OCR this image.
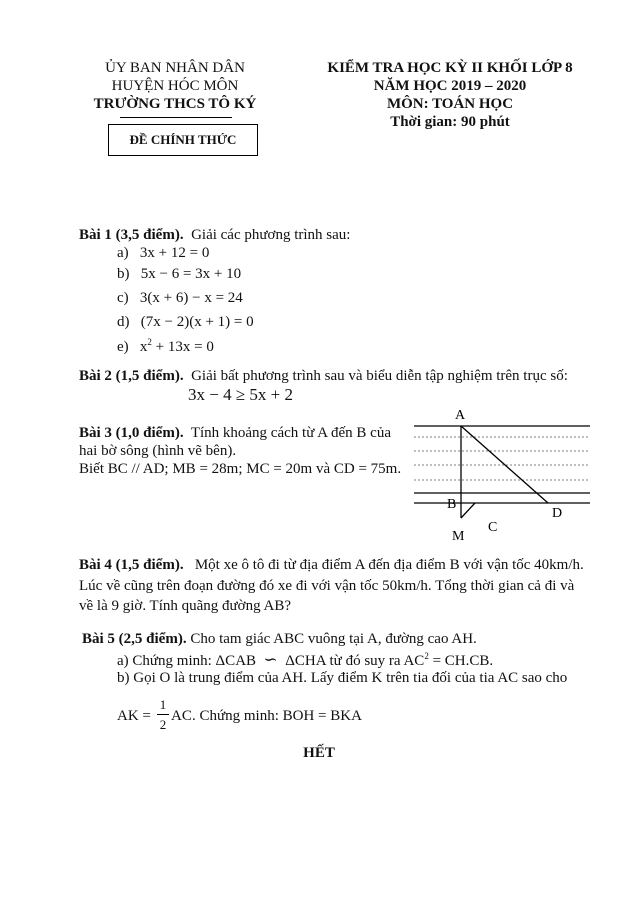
ỦY BAN NHÂN DÂN
HUYỆN HÓC MÔN
TRƯỜNG THCS TÔ KÝ
ĐỀ CHÍNH THỨC
KIỂM TRA HỌC KỲ II KHỐI LỚP 8
NĂM HỌC 2019 – 2020
MÔN: TOÁN HỌC
Thời gian: 90 phút
Bài 1 (3,5 điểm). Giải các phương trình sau:
a) 3x + 12 = 0
b) 5x − 6 = 3x + 10
c) 3(x + 6) − x = 24
d) (7x − 2)(x + 1) = 0
e) $x^2 + 13x = 0$
Bài 2 (1,5 điểm). Giải bất phương trình sau và biểu diễn tập nghiệm trên trục số:
3x − 4 ≥ 5x + 2
Bài 3 (1,0 điểm). Tính khoảng cách từ A đến B của
hai bờ sông (hình vẽ bên).
Biết BC // AD; MB = 28m; MC = 20m và CD = 75m.
A
B
C
D
M
Bài 4 (1,5 điểm). Một xe ô tô đi từ địa điểm A đến địa điểm B với vận tốc 40km/h.
Lúc về cũng trên đoạn đường đó xe đi với vận tốc 50km/h. Tổng thời gian cả đi và
về là 9 giờ. Tính quãng đường AB?
Bài 5 (2,5 điểm). Cho tam giác ABC vuông tại A, đường cao AH.
a) Chứng minh: ΔCAB ∽ ΔCHA từ đó suy ra $AC^2 = CH.CB$.
b) Gọi O là trung điểm của AH. Lấy điểm K trên tia đối của tia AC sao cho
AK =
1
2
AC . Chứng minh: BOH = BKA
HẾT
